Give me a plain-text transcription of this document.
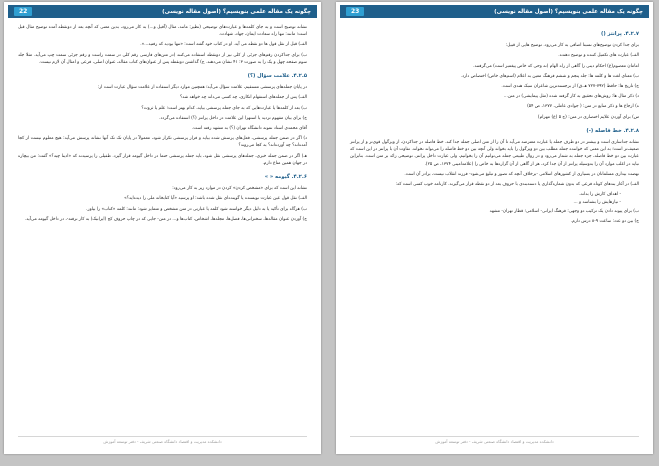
چگونه یک مقاله علمی بنویسیم؟ (اصول مقاله نویسی)
22
نشانه توضیح است و به جای کلمه‌ها و عبارت‌های توضیحی (نظیر: مانند، مثال (آفیل و...) به کار می‌رود، بدین معنی که آنچه بعد از دونقطه آمده توضیح مثال قبل است؛ مانند: تنها راه سعادت ایمان، جهاد، شهادت.
الف) قبل از نقل قول ها دو نقطه می آید. او در کتاب خود گفته است: «تنها بودید که رفتید...».
ب) برای جداکردن رقم‌های جزئی از کلی نیز از دونقطه استفاده می‌کنند (در متن‌های فارسی رقم کلی در سمت راست و رقم جزئی سمت چپ می‌آید. مثلا جلد سوم صفحه چهل و یک را به صورت ۳: ۴۱ نشان می‌دهند. ج) گذاشتن دونقطه پس از عنوان‌های کتاب مقاله، عنوان اصلی، فرعی و امثال آن لازم نیست.
۴.۲.۵. علامت سؤال (؟)
در پایان جمله‌های پرسشی مستقیم، علامت سؤال می‌آید؛ همچنین موارد دیگر استفاده از علامت سؤال عبارت است از:
الف) پس از جمله‌های استفهام انکاری، چه کسی می‌داند چه خواهد شد؟
ب) بعد از کلمه‌ها یا عبارت‌هایی که به جای جمله پرسشی بیاید، کدام بهتر است؛ علم یا ثروت؟
ج) برای بیان مفهوم تردید یا استهزا این علامت در داخل پرانتز (؟) استفاده می‌گردد.
آقای محمدی استاد نمونه دانشگاه تهران (؟) به مشهد رفته است.
د) اگر در ضمن جمله پرسشی، فعل‌های پرسش شده بیاید و فراز پرسشی تکرار شود، معمولاً در پایان تک تک آنها نشانه پرسش می‌آید: هیچ معلوم نیست از کجا آمده‌اند؟ چه آورده‌اند؟ به کجا می‌روند؟
هـ) اگر در ضمن جمله خبری، جمله‌های پرسشی نقل شود، باید جمله پرسشی حتما در داخل گیومه قرار گیرد. طفیلی را پرسیدند که «ادینا چیه؟» گفت: من بیچاره در جهان همین متاع دارم.
۴.۲.۶. گیومه « »
نشانه این است که برای «مشخص کردن» کردن در موارد زیر به کار می‌رود:
الف) نقل قول عین عبارت نویسنده یا گوینده‌ای نقل شده باشد: او پرسید «آیا کتابخانه ملی را دیده‌اید؟»
ب) هرگاه برای تأکید یا به دلیل دیگر خواسته شود کلمه یا عبارتی در متن مشخص و متمایز شود: مانند: کلمه «کتاب» را بیاور.
ج) آوردن عنوان مقاله‌ها، سخنرانی‌ها، فصل‌ها، مجله‌ها، اشخاص، کتاب‌ها و... در متن- جایی که در چاپ حروف کج (ایرانیک) به کار نرفته-، در داخل گیومه می‌آید.
دانشکده مدیریت و اقتصاد دانشگاه صنعتی شریف - دفتر توسعه آموزش
چگونه یک مقاله علمی بنویسیم؟ (اصول مقاله نویسی)
23
۴.۲.۷. پرانتز ()
برای جدا کردن توضیح‌های نسبتا اضافی به کار می‌رود. توضیح هایی از قبیل:
الف) عبارت های تکمیل کننده و توضیح دهنده.
امامان معصوم(ع) احکام دینی را گاهی از راه الهام (نه وحی که خاص پیغمبر است) می‌گرفتند.
ب) معنای لغت ها و کلمه ها: جلد پنجم و ششم فرهنگ معین به اعلام (اسم‌های خاص) اختصاص دارد.
ج) تاریخ ها: حافظ (۷۹۲-۷۲۷ هـ.ق) از برجسته‌ترین شاعران سبک هندی است.
د) ذکر مثال ها: روش‌های تحقیق به کار گرفته شده (مثل پیمایشی) در متن...
ه) ارجاع ها و ذکر منابع در متن: ( جوادی عاملی، ۱۳۷۷، ص ۵۴)
س) برای آوردن علایم اختصاری در متن: (ج ۵ (ع) مهرام)
۴.۲.۸. خط فاصله (-)
نشانه جداسازی است و بیشتر در دو طرف جمله یا عبارت معترضه می‌آید تا آن را از متن اصلی جمله جدا کند. خط فاصله در جداکردن، از ویرگول قوی‌تر و از پرانتز ضعیف‌تر است؛ به این معنی که خواننده جمله مطلب بین دو ویرگول را باید بخواند ولی آنچه بین دو خط فاصله را می‌تواند نخواند. تفاوت آن با پرانتز در این است که عبارت بین دو خط فاصله، جزء جمله به شمار می‌رود و در روال طبیعی جمله می‌توانیم آن را بخوانیم، ولی عبارت داخل پرانتز، توضیحی زائد بر متن است. بنابراین نباید در اغلب موارد آن را به‌وسیله پرانتز از آن جدا کرد، هر از گاهی از آن گزاره‌ها به خاص را (علامه‌امینی ۱۳۷۴، ص ۲۵).
نهضت بیداری مسلمانان در بسیاری از کشورهای اسلامی -برخلاف آنچه که تصور و تبلیغ می‌شود- فرزند انقلاب نیست، برادر آن است.
الف) در آغاز بندهای کوتاه فرعی که بدون شماره‌گذاری یا دسته‌بندی با حروف بعد از دو نقطه قرار می‌گیرند. کارنامه خوب کسی است که:
- اهداف کارش را بداند،
- نیازهایش را بشناسد و ...
ب) برای پیوند دادن یک ترکیب دو وجهی: فرهنگ ایرانی- اسلامی؛ قطار تهران- مشهد
ج) بین دو عدد: ساعت ۹-۸ درس دارم.
دانشکده مدیریت و اقتصاد دانشگاه صنعتی شریف - دفتر توسعه آموزش
